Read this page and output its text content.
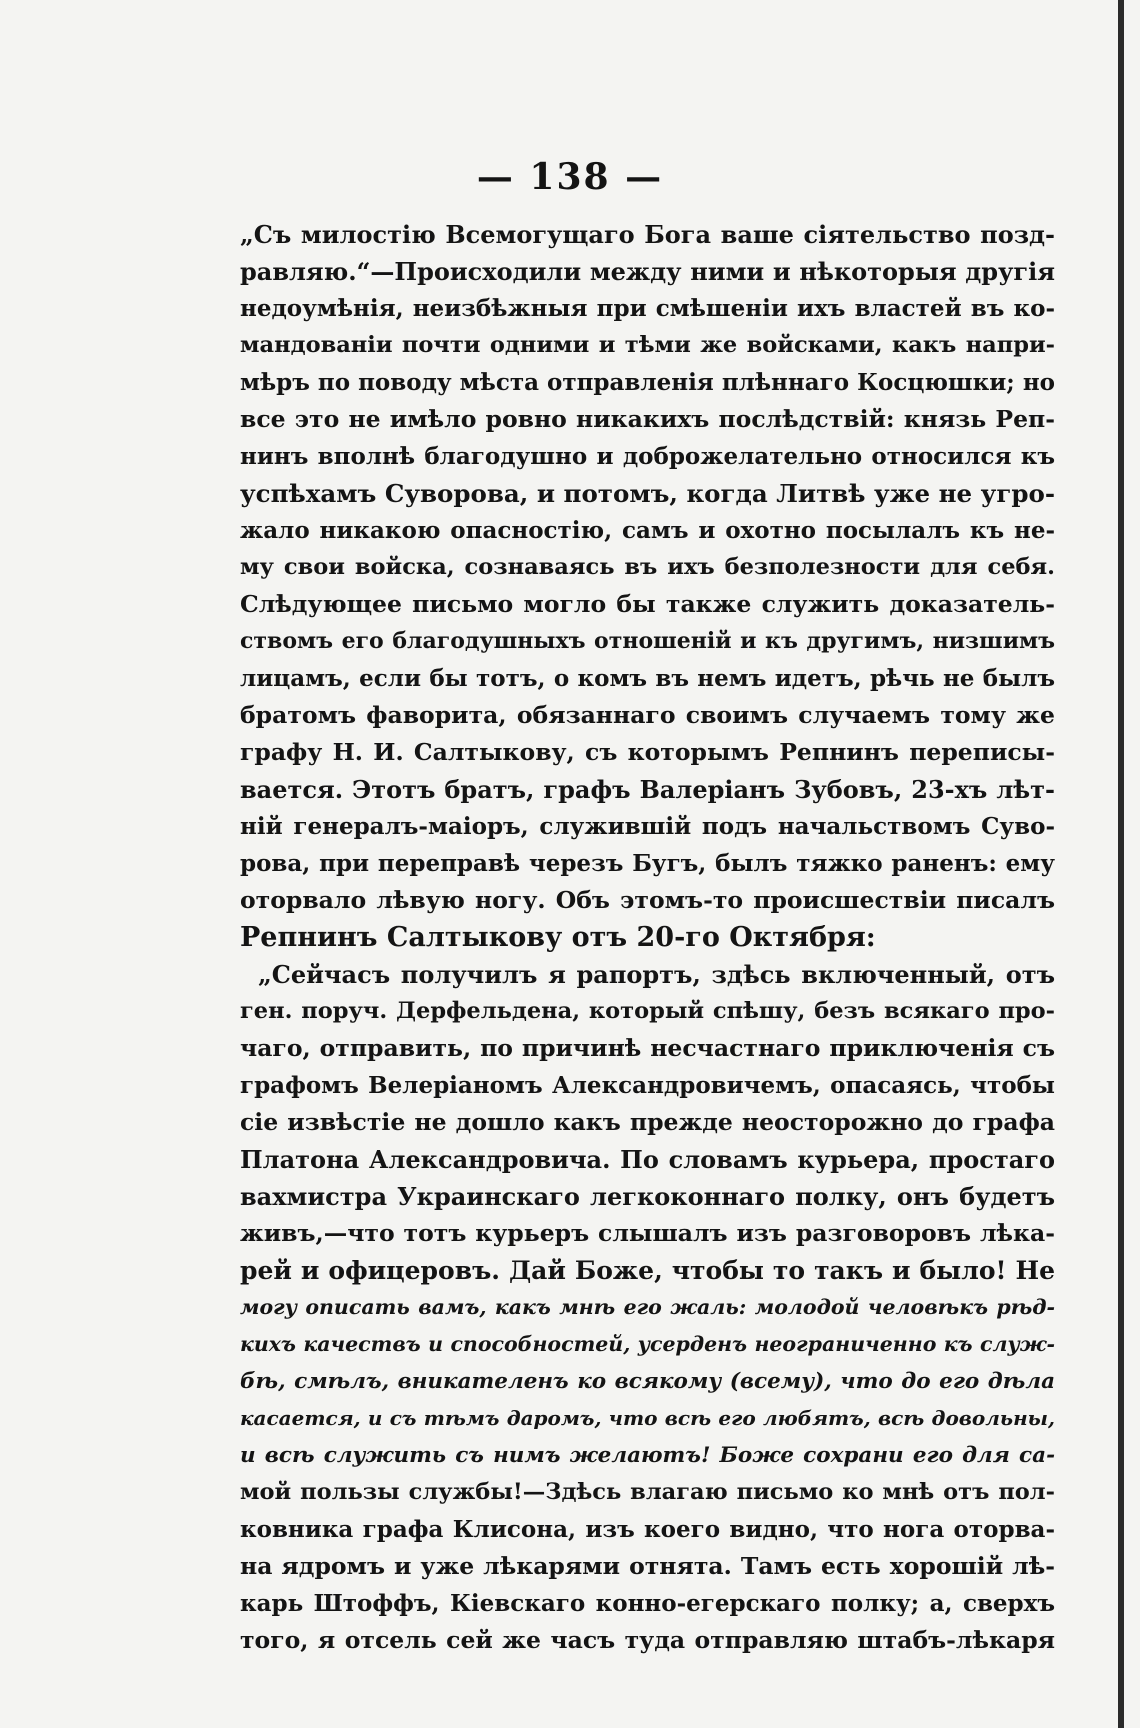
— 138 —
„Съ милостію Всемогущаго Бога ваше сіятельство позд-
равляю.“—Происходили между ними и нѣкоторыя другія
недоумѣнія, неизбѣжныя при смѣшеніи ихъ властей въ ко-
мандованіи почти одними и тѣми же войсками, какъ напри-
мѣръ по поводу мѣста отправленія плѣннаго Косцюшки; но
все это не имѣло ровно никакихъ послѣдствій: князь Реп-
нинъ вполнѣ благодушно и доброжелательно относился къ
успѣхамъ Суворова, и потомъ, когда Литвѣ уже не угро-
жало никакою опасностію, самъ и охотно посылалъ къ не-
му свои войска, сознаваясь въ ихъ безполезности для себя.
Слѣдующее письмо могло бы также служить доказатель-
ствомъ его благодушныхъ отношеній и къ другимъ, низшимъ
лицамъ, если бы тотъ, о комъ въ немъ идетъ, рѣчь не былъ
братомъ фаворита, обязаннаго своимъ случаемъ тому же
графу Н. И. Салтыкову, съ которымъ Репнинъ переписы-
вается. Этотъ братъ, графъ Валеріанъ Зубовъ, 23-хъ лѣт-
ній генералъ-маіоръ, служившій подъ начальствомъ Суво-
рова, при переправѣ черезъ Бугъ, былъ тяжко раненъ: ему
оторвало лѣвую ногу. Объ этомъ-то происшествіи писалъ
Репнинъ Салтыкову отъ 20-го Октября:
„Сейчасъ получилъ я рапортъ, здѣсь включенный, отъ
ген. поруч. Дерфельдена, который спѣшу, безъ всякаго про-
чаго, отправить, по причинѣ несчастнаго приключенія съ
графомъ Велеріаномъ Александровичемъ, опасаясь, чтобы
сіе извѣстіе не дошло какъ прежде неосторожно до графа
Платона Александровича. По словамъ курьера, простаго
вахмистра Украинскаго легкоконнаго полку, онъ будетъ
живъ,—что тотъ курьеръ слышалъ изъ разговоровъ лѣка-
рей и офицеровъ. Дай Боже, чтобы то такъ и было! Не
могу описать вамъ, какъ мнѣ его жаль: молодой человѣкъ рѣд-
кихъ качествъ и способностей, усерденъ неограниченно къ служ-
бѣ, смѣлъ, вникателенъ ко всякому (всему), что до его дѣла
касается, и съ тѣмъ даромъ, что всѣ его любятъ, всѣ довольны,
и всѣ служить съ нимъ желаютъ! Боже сохрани его для са-
мой пользы службы!—Здѣсь влагаю письмо ко мнѣ отъ пол-
ковника графа Клисона, изъ коего видно, что нога оторва-
на ядромъ и уже лѣкарями отнята. Тамъ есть хорошій лѣ-
карь Штоффъ, Кіевскаго конно-егерскаго полку; а, сверхъ
того, я отсель сей же часъ туда отправляю штабъ-лѣкаря
